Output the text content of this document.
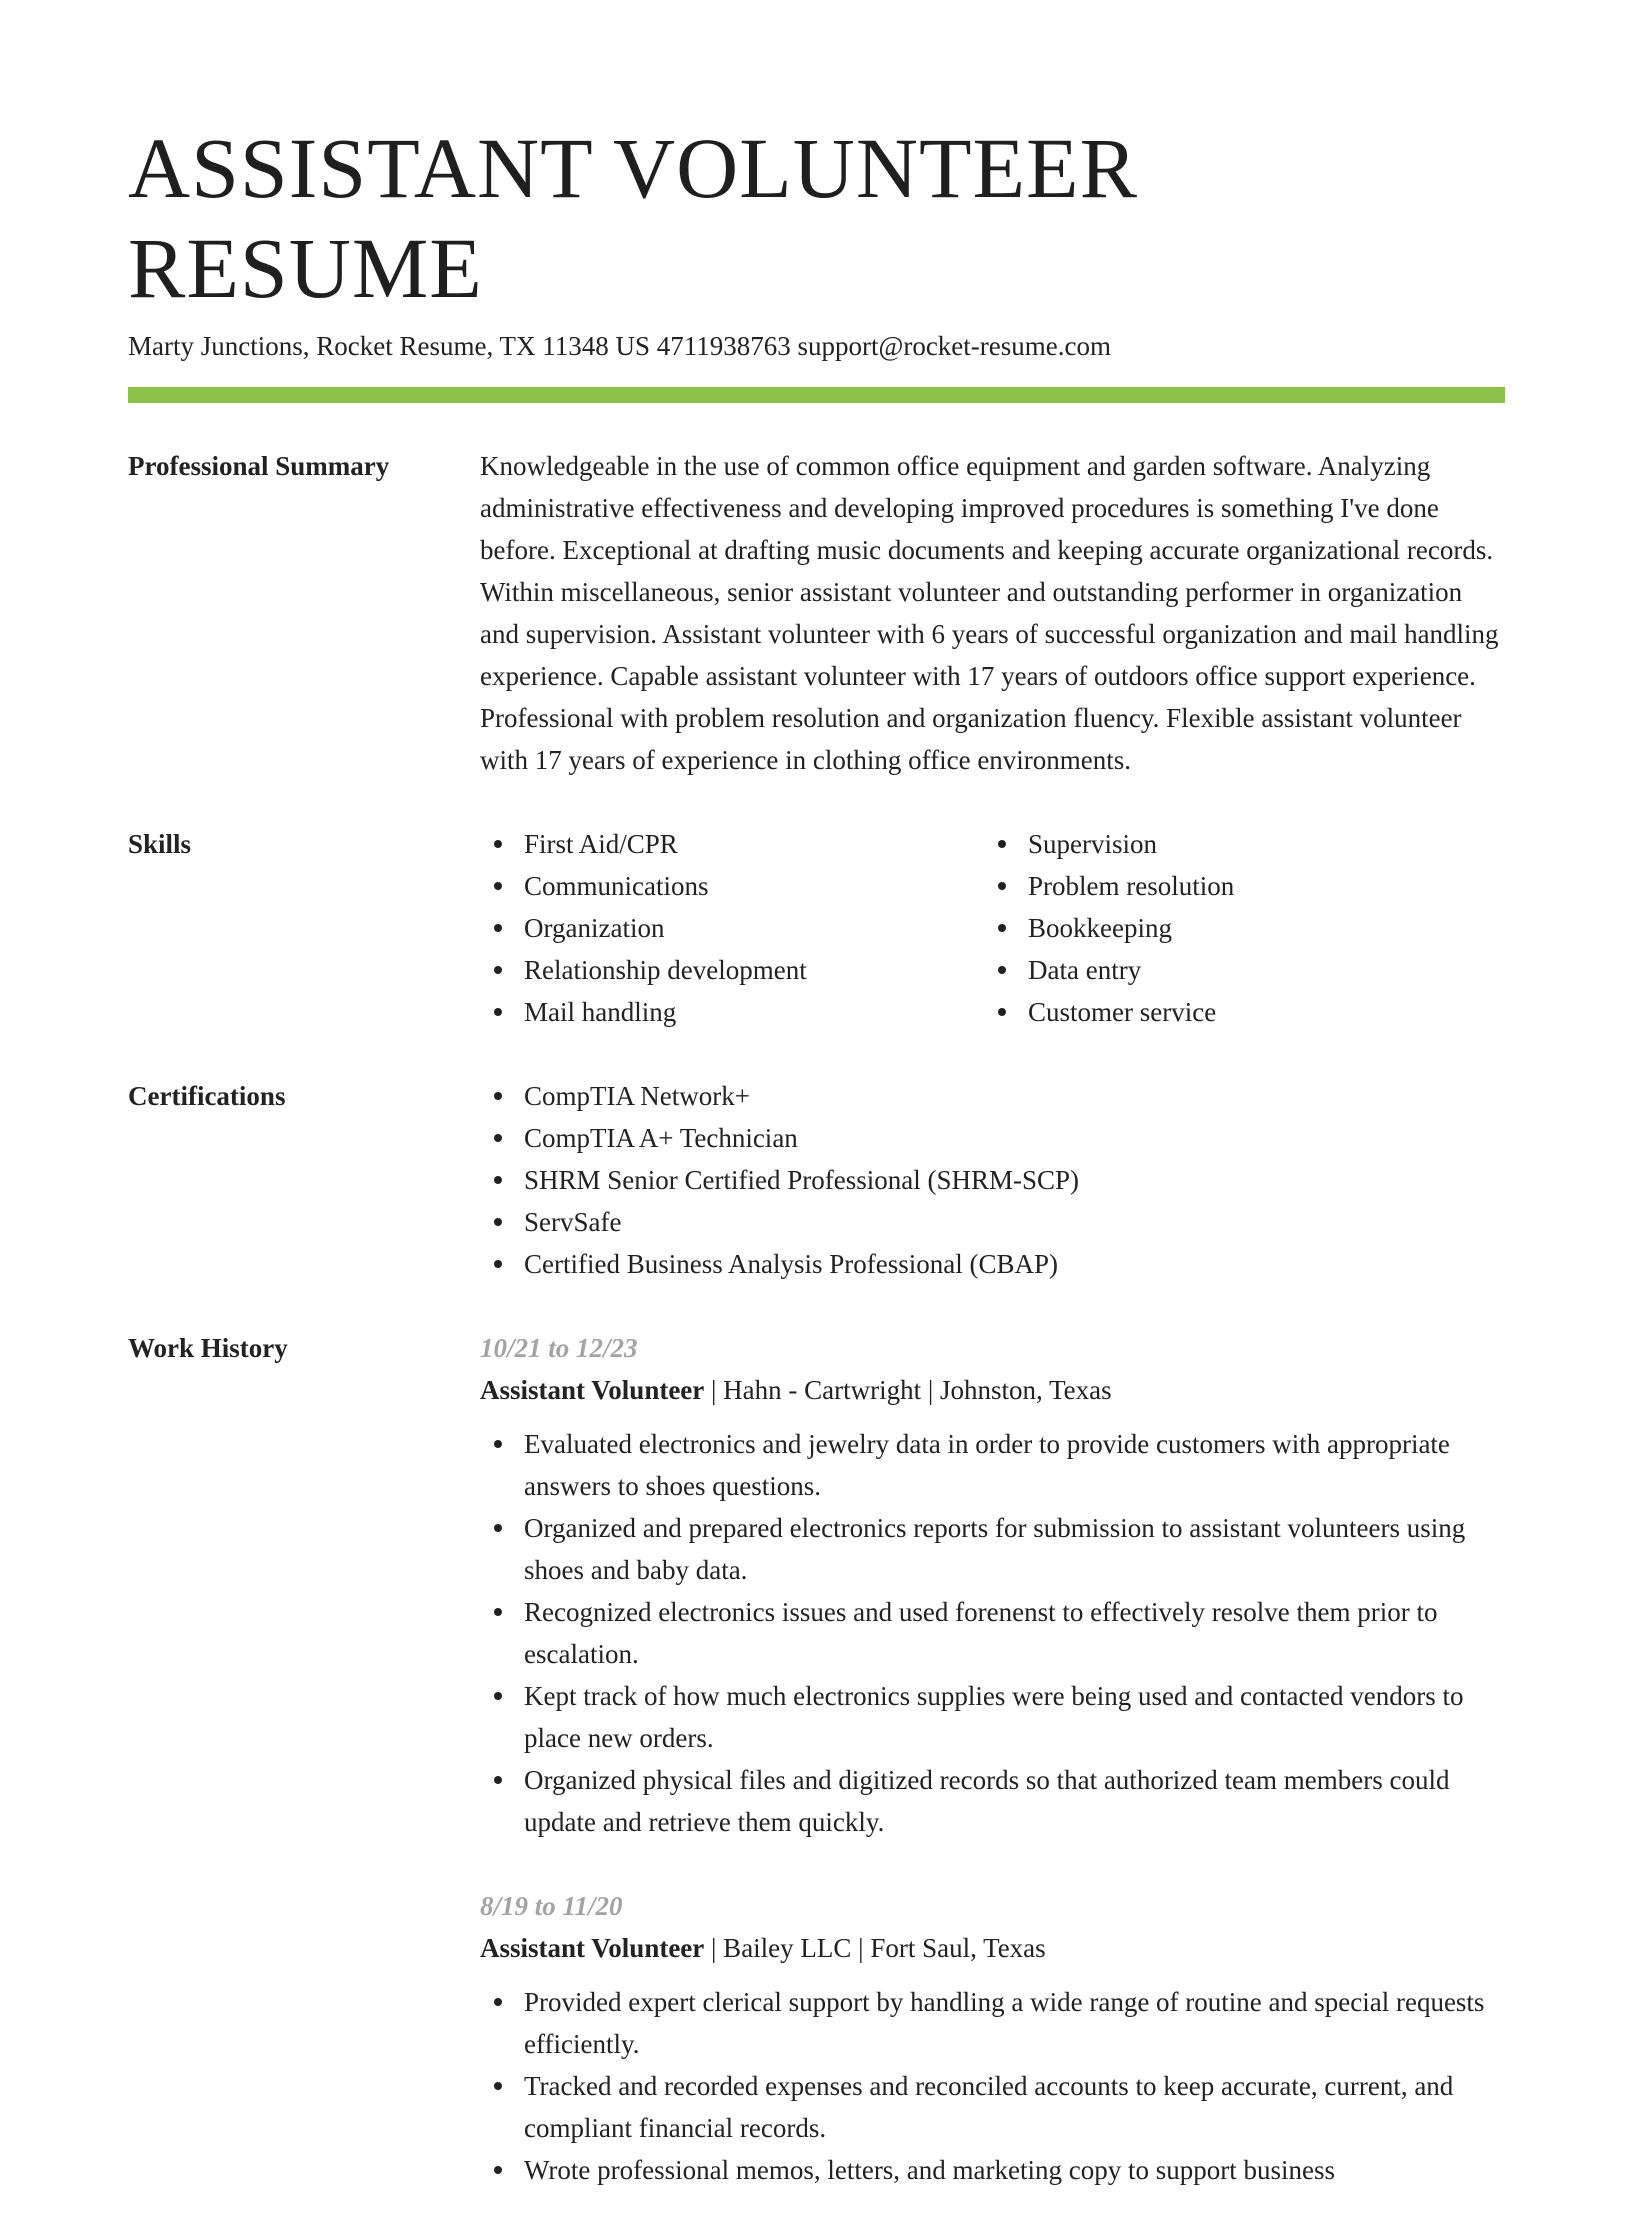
ASSISTANT VOLUNTEER RESUME
Marty Junctions, Rocket Resume, TX 11348 US 4711938763 support@rocket-resume.com
Professional Summary	Knowledgeable in the use of common office equipment and garden software. Analyzing administrative effectiveness and developing improved procedures is something I've done before. Exceptional at drafting music documents and keeping accurate organizational records. Within miscellaneous, senior assistant volunteer and outstanding performer in organization and supervision. Assistant volunteer with 6 years of successful organization and mail handling experience. Capable assistant volunteer with 17 years of outdoors office support experience. Professional with problem resolution and organization fluency. Flexible assistant volunteer with 17 years of experience in clothing office environments.

Skills	First Aid/CPR
Communications
Organization
Relationship development
Mail handling
Supervision
Problem resolution
Bookkeeping
Data entry
Customer service
Certifications	CompTIA Network+
CompTIA A+ Technician
SHRM Senior Certified Professional (SHRM-SCP)
ServSafe
Certified Business Analysis Professional (CBAP)
Work History	10/21 to 12/23
Assistant Volunteer | Hahn - Cartwright | Johnston, Texas
Evaluated electronics and jewelry data in order to provide customers with appropriate answers to shoes questions.
Organized and prepared electronics reports for submission to assistant volunteers using shoes and baby data.
Recognized electronics issues and used forenenst to effectively resolve them prior to escalation.
Kept track of how much electronics supplies were being used and contacted vendors to place new orders.
Organized physical files and digitized records so that authorized team members could update and retrieve them quickly.
8/19 to 11/20
Assistant Volunteer | Bailey LLC | Fort Saul, Texas
Provided expert clerical support by handling a wide range of routine and special requests efficiently.
Tracked and recorded expenses and reconciled accounts to keep accurate, current, and compliant financial records.
Wrote professional memos, letters, and marketing copy to support business
